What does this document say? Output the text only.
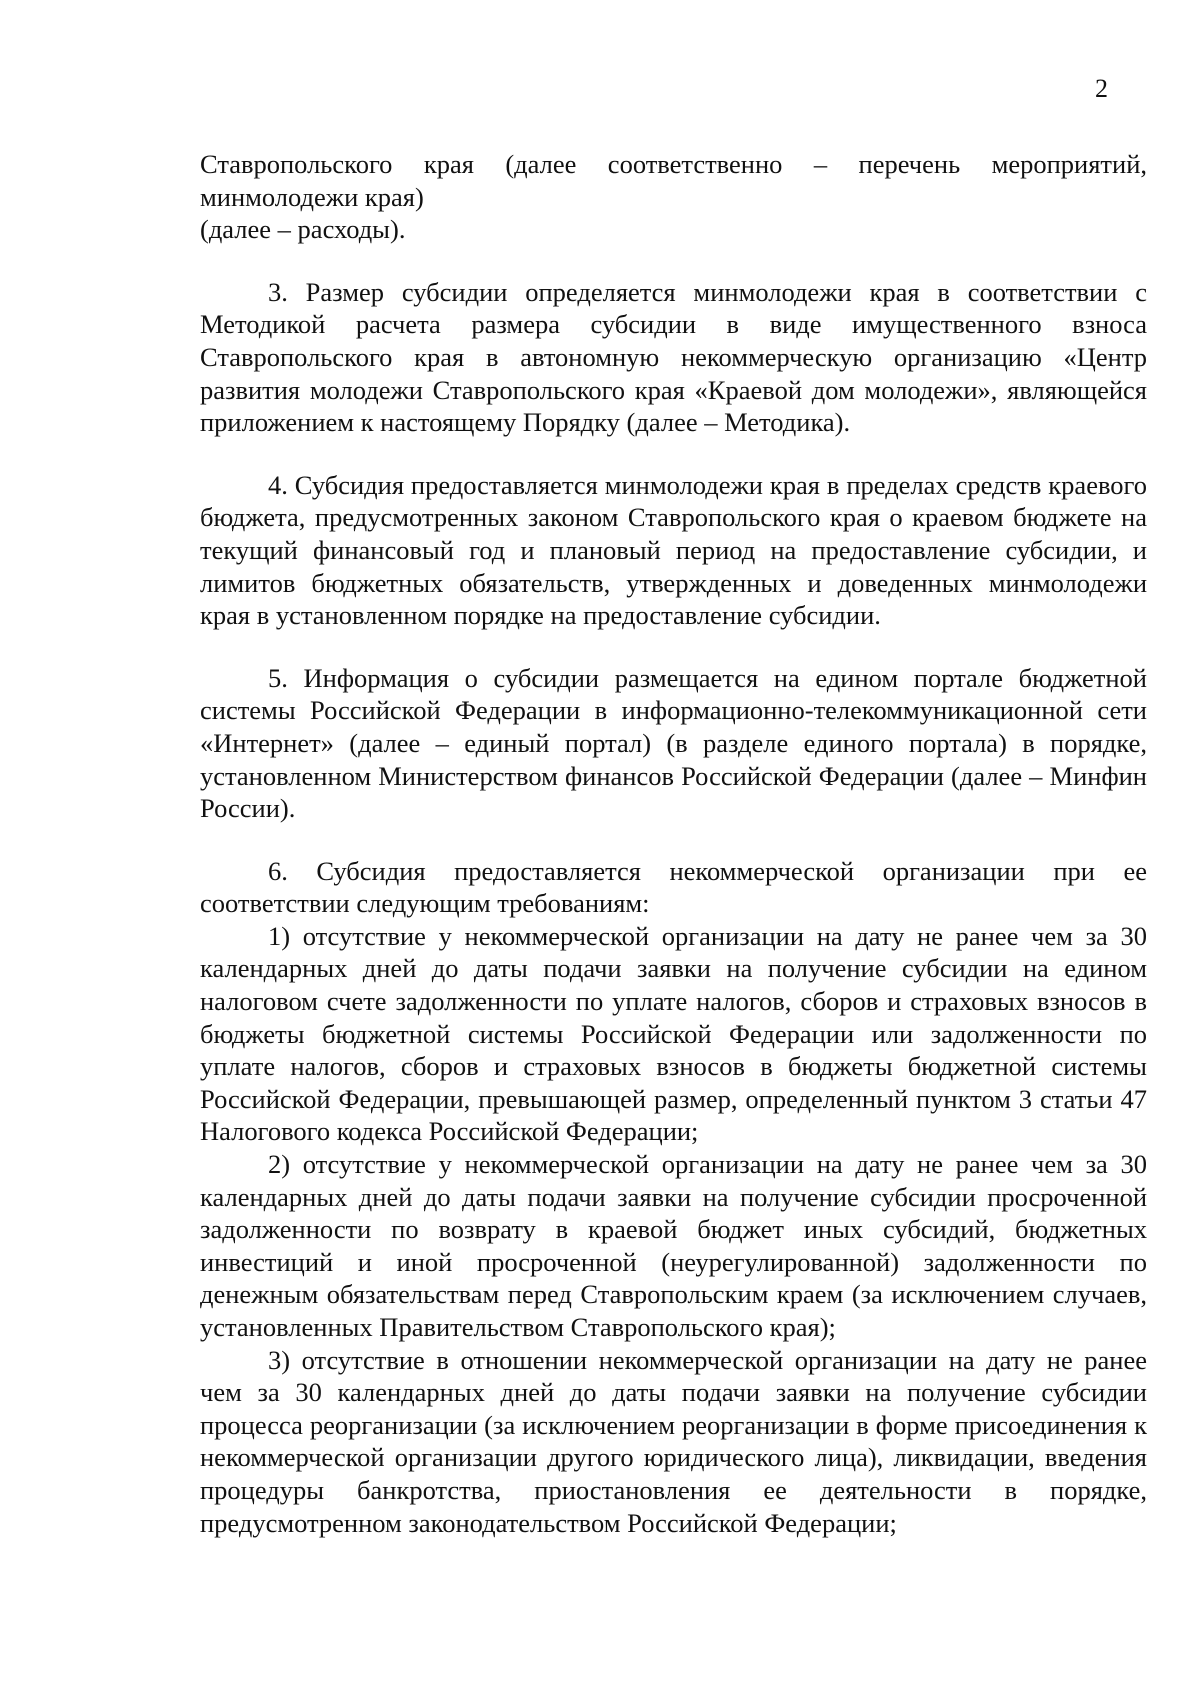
2

Ставропольского края (далее соответственно – перечень мероприятий, минмолодежи края)

(далее – расходы).

3. Размер субсидии определяется минмолодежи края в соответствии с Методикой расчета размера субсидии в виде имущественного взноса Ставропольского края в автономную некоммерческую организацию «Центр развития молодежи Ставропольского края «Краевой дом молодежи», являющейся приложением к настоящему Порядку (далее – Методика).

4. Субсидия предоставляется минмолодежи края в пределах средств краевого бюджета, предусмотренных законом Ставропольского края о краевом бюджете на текущий финансовый год и плановый период на предоставление субсидии, и лимитов бюджетных обязательств, утвержденных и доведенных минмолодежи края в установленном порядке на предоставление субсидии.

5. Информация о субсидии размещается на едином портале бюджетной системы Российской Федерации в информационно-телекоммуникационной сети «Интернет» (далее – единый портал) (в разделе единого портала) в порядке, установленном Министерством финансов Российской Федерации (далее – Минфин России).

6. Субсидия предоставляется некоммерческой организации при ее соответствии следующим требованиям:

1) отсутствие у некоммерческой организации на дату не ранее чем за 30 календарных дней до даты подачи заявки на получение субсидии на едином налоговом счете задолженности по уплате налогов, сборов и страховых взносов в бюджеты бюджетной системы Российской Федерации или задолженности по уплате налогов, сборов и страховых взносов в бюджеты бюджетной системы Российской Федерации, превышающей размер, определенный пунктом 3 статьи 47 Налогового кодекса Российской Федерации;

2) отсутствие у некоммерческой организации на дату не ранее чем за 30 календарных дней до даты подачи заявки на получение субсидии просроченной задолженности по возврату в краевой бюджет иных субсидий, бюджетных инвестиций и иной просроченной (неурегулированной) задолженности по денежным обязательствам перед Ставропольским краем (за исключением случаев, установленных Правительством Ставропольского края);

3) отсутствие в отношении некоммерческой организации на дату не ранее чем за 30 календарных дней до даты подачи заявки на получение субсидии процесса реорганизации (за исключением реорганизации в форме присоединения к некоммерческой организации другого юридического лица), ликвидации, введения процедуры банкротства, приостановления ее деятельности в порядке, предусмотренном законодательством Российской Федерации;
